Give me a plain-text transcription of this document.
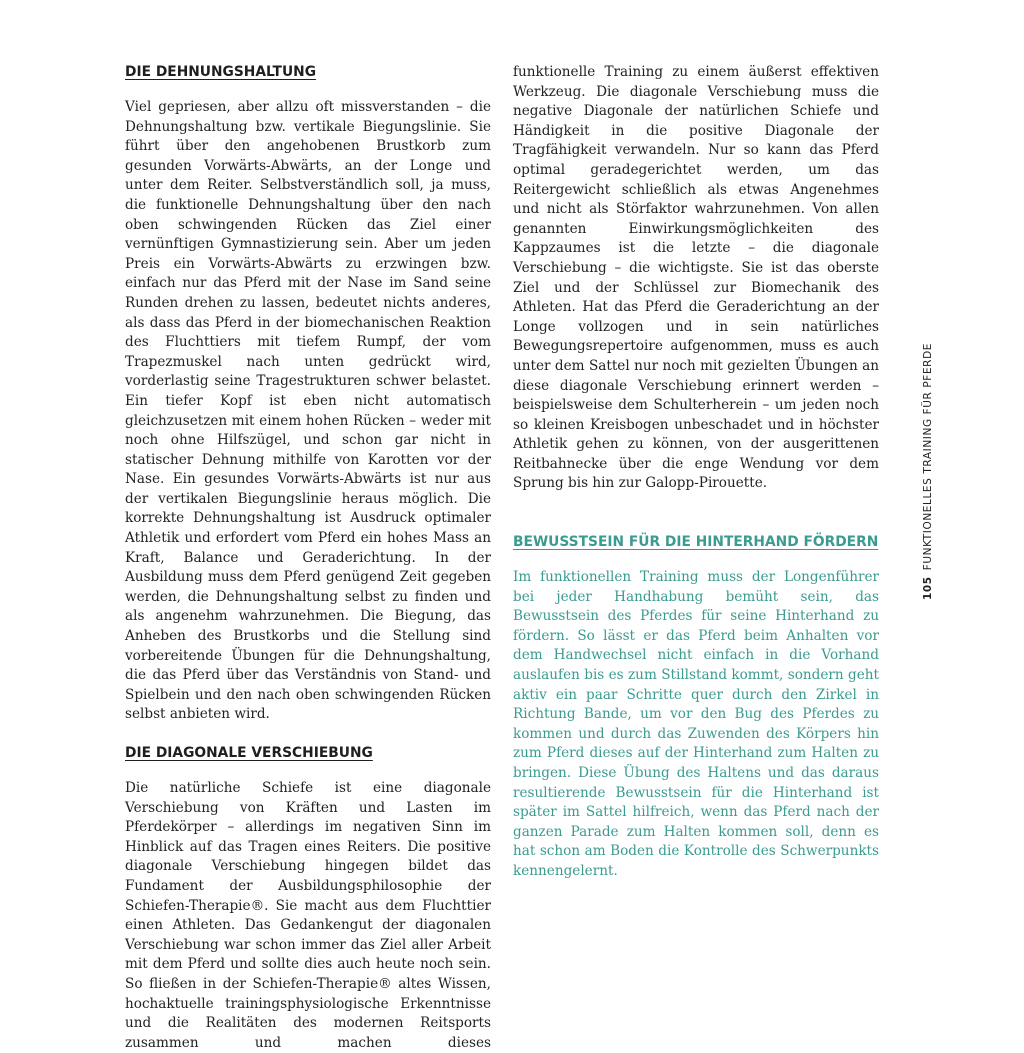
DIE DEHNUNGSHALTUNG

Viel gepriesen, aber allzu oft missverstanden – die Dehnungshaltung bzw. vertikale Biegungslinie. Sie führt über den angehobenen Brustkorb zum gesunden Vorwärts-Abwärts, an der Longe und unter dem Reiter. Selbstverständlich soll, ja muss, die funktionelle Dehnungshaltung über den nach oben schwingenden Rücken das Ziel einer vernünftigen Gymnastizierung sein. Aber um jeden Preis ein Vorwärts-Abwärts zu erzwingen bzw. einfach nur das Pferd mit der Nase im Sand seine Runden drehen zu lassen, bedeutet nichts anderes, als dass das Pferd in der biomechanischen Reaktion des Fluchttiers mit tiefem Rumpf, der vom Trapezmuskel nach unten gedrückt wird, vorderlastig seine Tragestrukturen schwer belastet. Ein tiefer Kopf ist eben nicht automatisch gleichzusetzen mit einem hohen Rücken – weder mit noch ohne Hilfszügel, und schon gar nicht in statischer Dehnung mithilfe von Karotten vor der Nase. Ein gesundes Vorwärts-Abwärts ist nur aus der vertikalen Biegungslinie heraus möglich. Die korrekte Dehnungshaltung ist Ausdruck optimaler Athletik und erfordert vom Pferd ein hohes Mass an Kraft, Balance und Geraderichtung. In der Ausbildung muss dem Pferd genügend Zeit gegeben werden, die Dehnungshaltung selbst zu finden und als angenehm wahrzunehmen. Die Biegung, das Anheben des Brustkorbs und die Stellung sind vorbereitende Übungen für die Dehnungshaltung, die das Pferd über das Verständnis von Stand- und Spielbein und den nach oben schwingenden Rücken selbst anbieten wird.

DIE DIAGONALE VERSCHIEBUNG

Die natürliche Schiefe ist eine diagonale Verschiebung von Kräften und Lasten im Pferdekörper – allerdings im negativen Sinn im Hinblick auf das Tragen eines Reiters. Die positive diagonale Verschiebung hingegen bildet das Fundament der Ausbildungsphilosophie der Schiefen-Therapie®. Sie macht aus dem Fluchttier einen Athleten. Das Gedankengut der diagonalen Verschiebung war schon immer das Ziel aller Arbeit mit dem Pferd und sollte dies auch heute noch sein. So fließen in der Schiefen-Therapie® altes Wissen, hochaktuelle trainingsphysiologische Erkenntnisse und die Realitäten des modernen Reitsports zusammen und machen dieses

funktionelle Training zu einem äußerst effektiven Werkzeug. Die diagonale Verschiebung muss die negative Diagonale der natürlichen Schiefe und Händigkeit in die positive Diagonale der Tragfähigkeit verwandeln. Nur so kann das Pferd optimal geradegerichtet werden, um das Reitergewicht schließlich als etwas Angenehmes und nicht als Störfaktor wahrzunehmen. Von allen genannten Einwirkungsmöglichkeiten des Kappzaumes ist die letzte – die diagonale Verschiebung – die wichtigste. Sie ist das oberste Ziel und der Schlüssel zur Biomechanik des Athleten. Hat das Pferd die Geraderichtung an der Longe vollzogen und in sein natürliches Bewegungsrepertoire aufgenommen, muss es auch unter dem Sattel nur noch mit gezielten Übungen an diese diagonale Verschiebung erinnert werden – beispielsweise dem Schulterherein – um jeden noch so kleinen Kreisbogen unbeschadet und in höchster Athletik gehen zu können, von der ausgerittenen Reitbahnecke über die enge Wendung vor dem Sprung bis hin zur Galopp-Pirouette.

BEWUSSTSEIN FÜR DIE HINTERHAND FÖRDERN

Im funktionellen Training muss der Longenführer bei jeder Handhabung bemüht sein, das Bewusstsein des Pferdes für seine Hinterhand zu fördern. So lässt er das Pferd beim Anhalten vor dem Handwechsel nicht einfach in die Vorhand auslaufen bis es zum Stillstand kommt, sondern geht aktiv ein paar Schritte quer durch den Zirkel in Richtung Bande, um vor den Bug des Pferdes zu kommen und durch das Zuwenden des Körpers hin zum Pferd dieses auf der Hinterhand zum Halten zu bringen. Diese Übung des Haltens und das daraus resultierende Bewusstsein für die Hinterhand ist später im Sattel hilfreich, wenn das Pferd nach der ganzen Parade zum Halten kommen soll, denn es hat schon am Boden die Kontrolle des Schwerpunkts kennengelernt.

105FUNKTIONELLES TRAINING FÜR PFERDE
